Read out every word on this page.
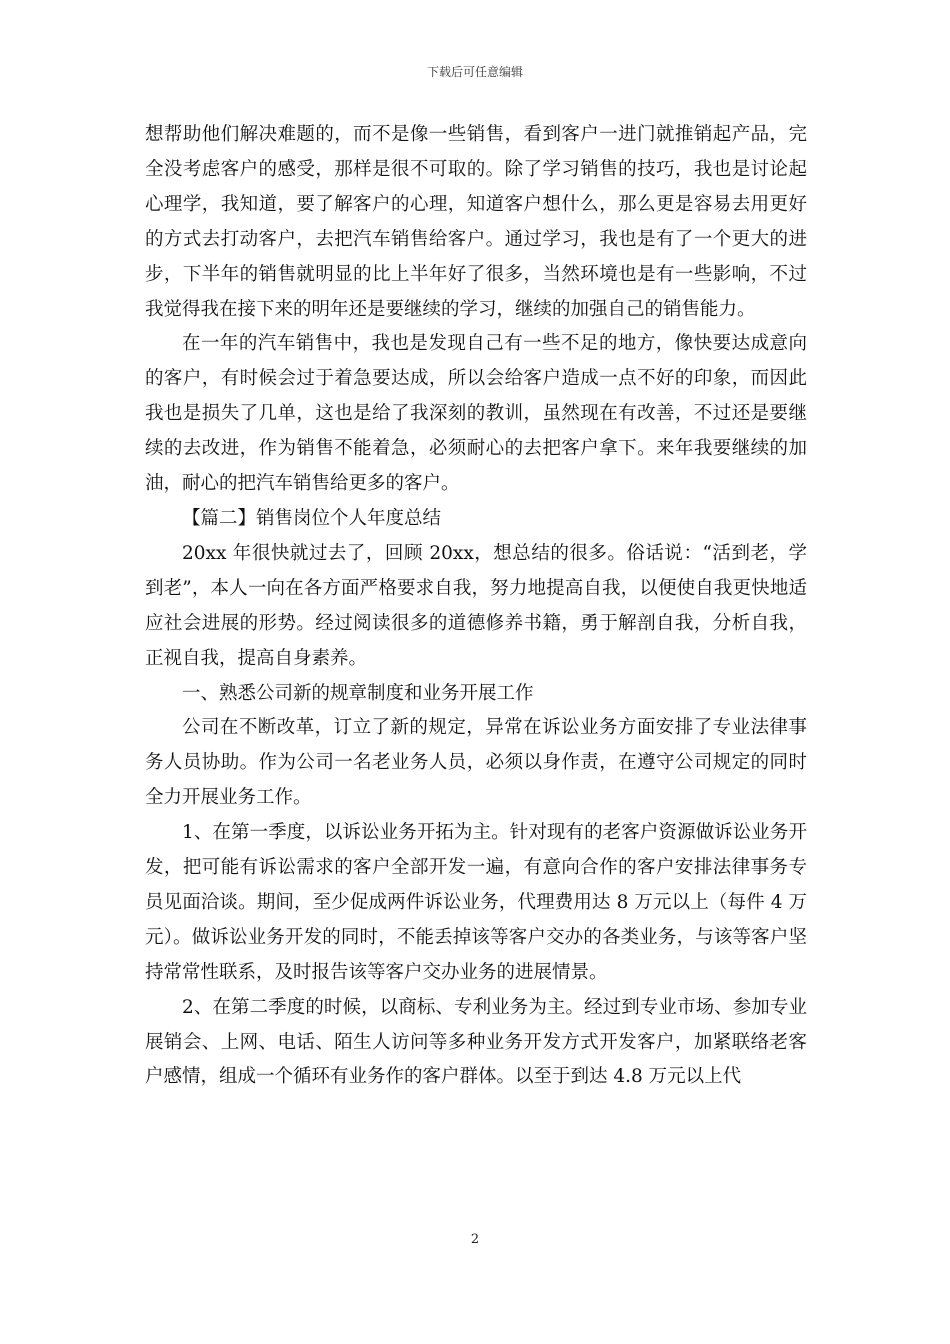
下载后可任意编辑

想帮助他们解决难题的，而不是像一些销售，看到客户一进门就推销起产品，完全没考虑客户的感受，那样是很不可取的。除了学习销售的技巧，我也是讨论起心理学，我知道，要了解客户的心理，知道客户想什么，那么更是容易去用更好的方式去打动客户，去把汽车销售给客户。通过学习，我也是有了一个更大的进步，下半年的销售就明显的比上半年好了很多，当然环境也是有一些影响，不过我觉得我在接下来的明年还是要继续的学习，继续的加强自己的销售能力。

在一年的汽车销售中，我也是发现自己有一些不足的地方，像快要达成意向的客户，有时候会过于着急要达成，所以会给客户造成一点不好的印象，而因此我也是损失了几单，这也是给了我深刻的教训，虽然现在有改善，不过还是要继续的去改进，作为销售不能着急，必须耐心的去把客户拿下。来年我要继续的加油，耐心的把汽车销售给更多的客户。

【篇二】销售岗位个人年度总结

20xx 年很快就过去了，回顾 20xx，想总结的很多。俗话说：“活到老，学到老”，本人一向在各方面严格要求自我，努力地提高自我，以便使自我更快地适应社会进展的形势。经过阅读很多的道德修养书籍，勇于解剖自我，分析自我，正视自我，提高自身素养。

一、熟悉公司新的规章制度和业务开展工作

公司在不断改革，订立了新的规定，异常在诉讼业务方面安排了专业法律事务人员协助。作为公司一名老业务人员，必须以身作责，在遵守公司规定的同时全力开展业务工作。

1、在第一季度，以诉讼业务开拓为主。针对现有的老客户资源做诉讼业务开发，把可能有诉讼需求的客户全部开发一遍，有意向合作的客户安排法律事务专员见面洽谈。期间，至少促成两件诉讼业务，代理费用达 8 万元以上（每件 4 万元）。做诉讼业务开发的同时，不能丢掉该等客户交办的各类业务，与该等客户坚持常常性联系，及时报告该等客户交办业务的进展情景。

2、在第二季度的时候，以商标、专利业务为主。经过到专业市场、参加专业展销会、上网、电话、陌生人访问等多种业务开发方式开发客户，加紧联络老客户感情，组成一个循环有业务作的客户群体。以至于到达 4.8 万元以上代

2
